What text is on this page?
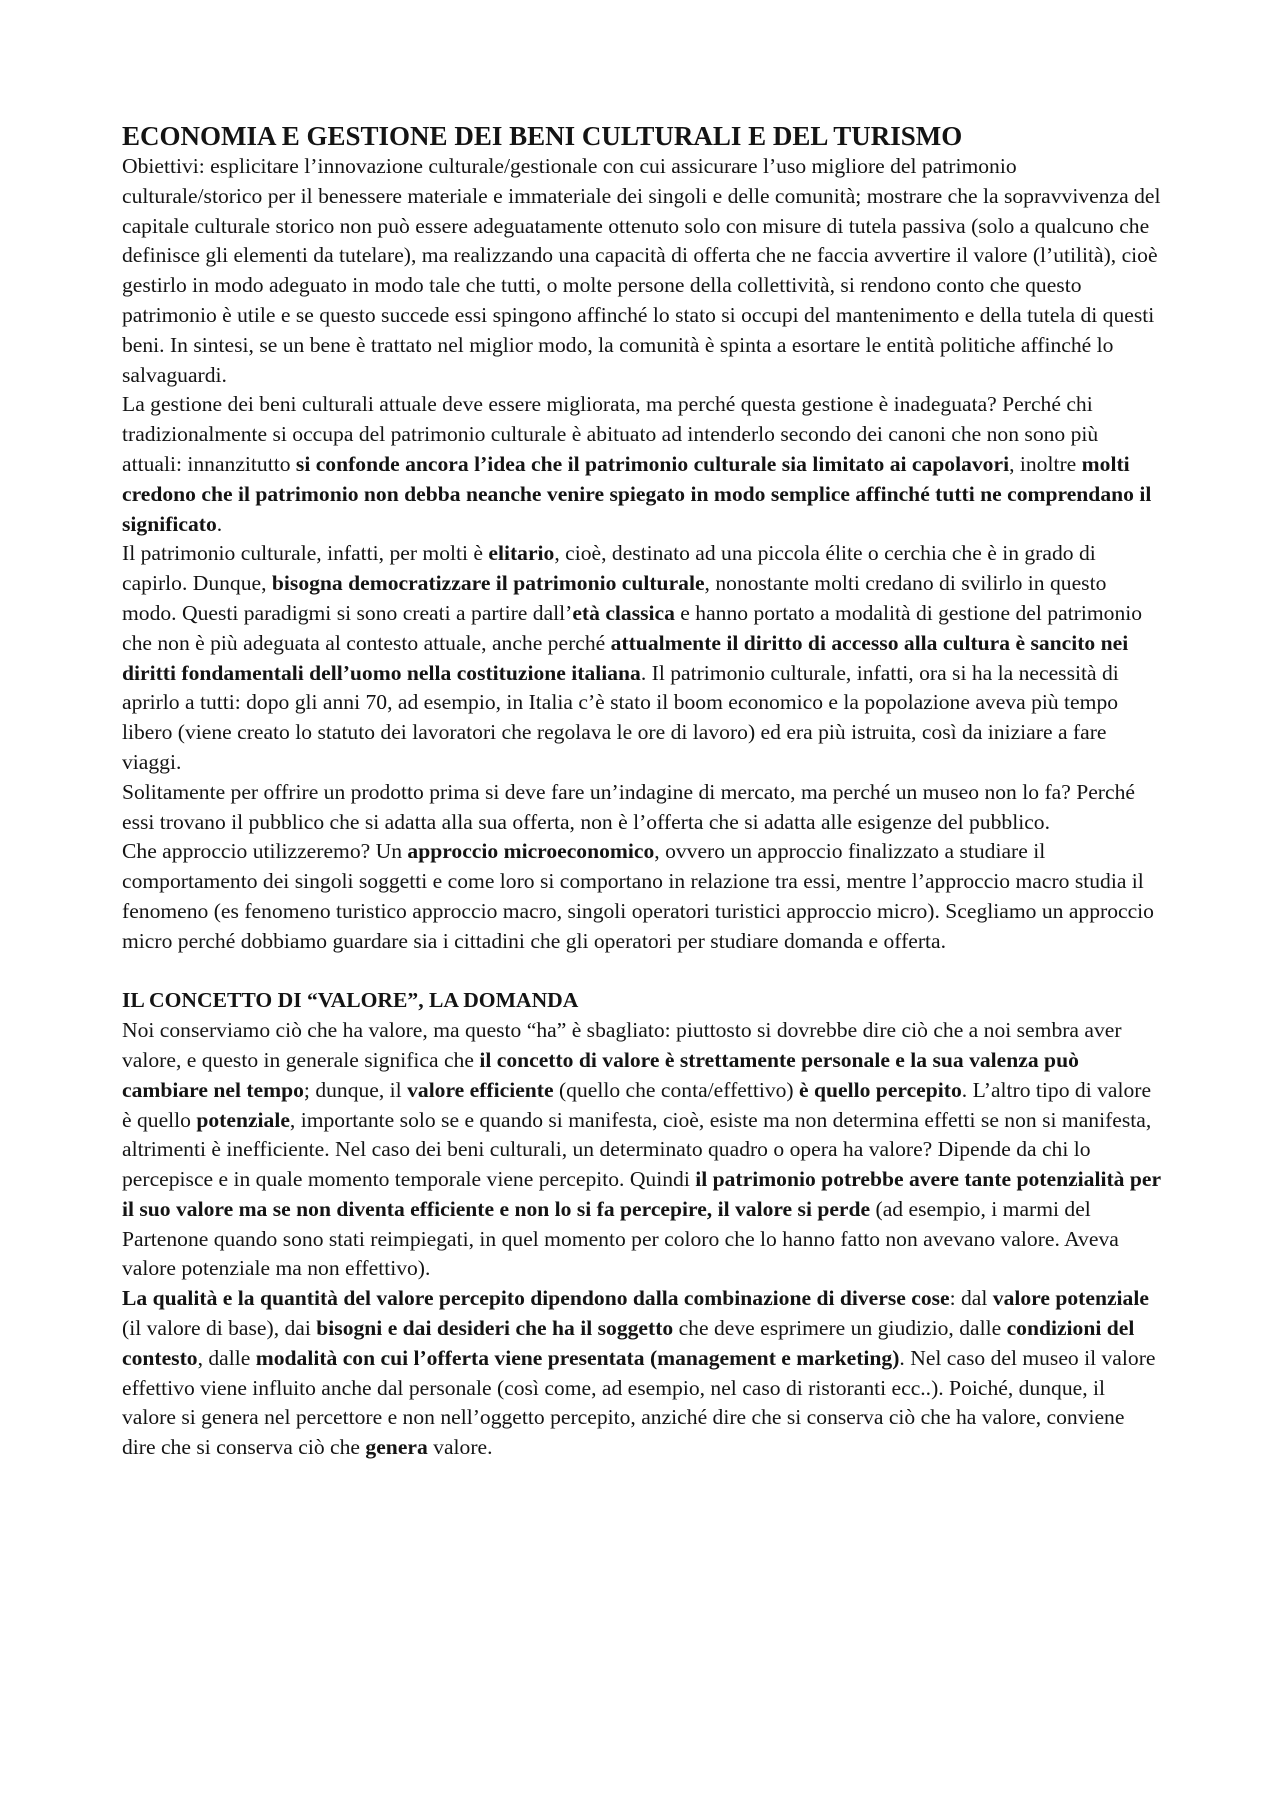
ECONOMIA E GESTIONE DEI BENI CULTURALI E DEL TURISMO

Obiettivi: esplicitare l’innovazione culturale/gestionale con cui assicurare l’uso migliore del patrimonio culturale/storico per il benessere materiale e immateriale dei singoli e delle comunità; mostrare che la sopravvivenza del capitale culturale storico non può essere adeguatamente ottenuto solo con misure di tutela passiva (solo a qualcuno che definisce gli elementi da tutelare), ma realizzando una capacità di offerta che ne faccia avvertire il valore (l’utilità), cioè gestirlo in modo adeguato in modo tale che tutti, o molte persone della collettività, si rendono conto che questo patrimonio è utile e se questo succede essi spingono affinché lo stato si occupi del mantenimento e della tutela di questi beni. In sintesi, se un bene è trattato nel miglior modo, la comunità è spinta a esortare le entità politiche affinché lo salvaguardi.

La gestione dei beni culturali attuale deve essere migliorata, ma perché questa gestione è inadeguata? Perché chi tradizionalmente si occupa del patrimonio culturale è abituato ad intenderlo secondo dei canoni che non sono più attuali: innanzitutto si confonde ancora l’idea che il patrimonio culturale sia limitato ai capolavori, inoltre molti credono che il patrimonio non debba neanche venire spiegato in modo semplice affinché tutti ne comprendano il significato.

Il patrimonio culturale, infatti, per molti è elitario, cioè, destinato ad una piccola élite o cerchia che è in grado di capirlo. Dunque, bisogna democratizzare il patrimonio culturale, nonostante molti credano di svilirlo in questo modo. Questi paradigmi si sono creati a partire dall’età classica e hanno portato a modalità di gestione del patrimonio che non è più adeguata al contesto attuale, anche perché attualmente il diritto di accesso alla cultura è sancito nei diritti fondamentali dell’uomo nella costituzione italiana. Il patrimonio culturale, infatti, ora si ha la necessità di aprirlo a tutti: dopo gli anni 70, ad esempio, in Italia c’è stato il boom economico e la popolazione aveva più tempo libero (viene creato lo statuto dei lavoratori che regolava le ore di lavoro) ed era più istruita, così da iniziare a fare viaggi.

Solitamente per offrire un prodotto prima si deve fare un’indagine di mercato, ma perché un museo non lo fa? Perché essi trovano il pubblico che si adatta alla sua offerta, non è l’offerta che si adatta alle esigenze del pubblico.

Che approccio utilizzeremo? Un approccio microeconomico, ovvero un approccio finalizzato a studiare il comportamento dei singoli soggetti e come loro si comportano in relazione tra essi, mentre l’approccio macro studia il fenomeno (es fenomeno turistico approccio macro, singoli operatori turistici approccio micro). Scegliamo un approccio micro perché dobbiamo guardare sia i cittadini che gli operatori per studiare domanda e offerta.

IL CONCETTO DI “VALORE”, LA DOMANDA

Noi conserviamo ciò che ha valore, ma questo “ha” è sbagliato: piuttosto si dovrebbe dire ciò che a noi sembra aver valore, e questo in generale significa che il concetto di valore è strettamente personale e la sua valenza può cambiare nel tempo; dunque, il valore efficiente (quello che conta/effettivo) è quello percepito. L’altro tipo di valore è quello potenziale, importante solo se e quando si manifesta, cioè, esiste ma non determina effetti se non si manifesta, altrimenti è inefficiente. Nel caso dei beni culturali, un determinato quadro o opera ha valore? Dipende da chi lo percepisce e in quale momento temporale viene percepito. Quindi il patrimonio potrebbe avere tante potenzialità per il suo valore ma se non diventa efficiente e non lo si fa percepire, il valore si perde (ad esempio, i marmi del Partenone quando sono stati reimpiegati, in quel momento per coloro che lo hanno fatto non avevano valore. Aveva valore potenziale ma non effettivo).

La qualità e la quantità del valore percepito dipendono dalla combinazione di diverse cose: dal valore potenziale (il valore di base), dai bisogni e dai desideri che ha il soggetto che deve esprimere un giudizio, dalle condizioni del contesto, dalle modalità con cui l’offerta viene presentata (management e marketing). Nel caso del museo il valore effettivo viene influito anche dal personale (così come, ad esempio, nel caso di ristoranti ecc..). Poiché, dunque, il valore si genera nel percettore e non nell’oggetto percepito, anziché dire che si conserva ciò che ha valore, conviene dire che si conserva ciò che genera valore.
